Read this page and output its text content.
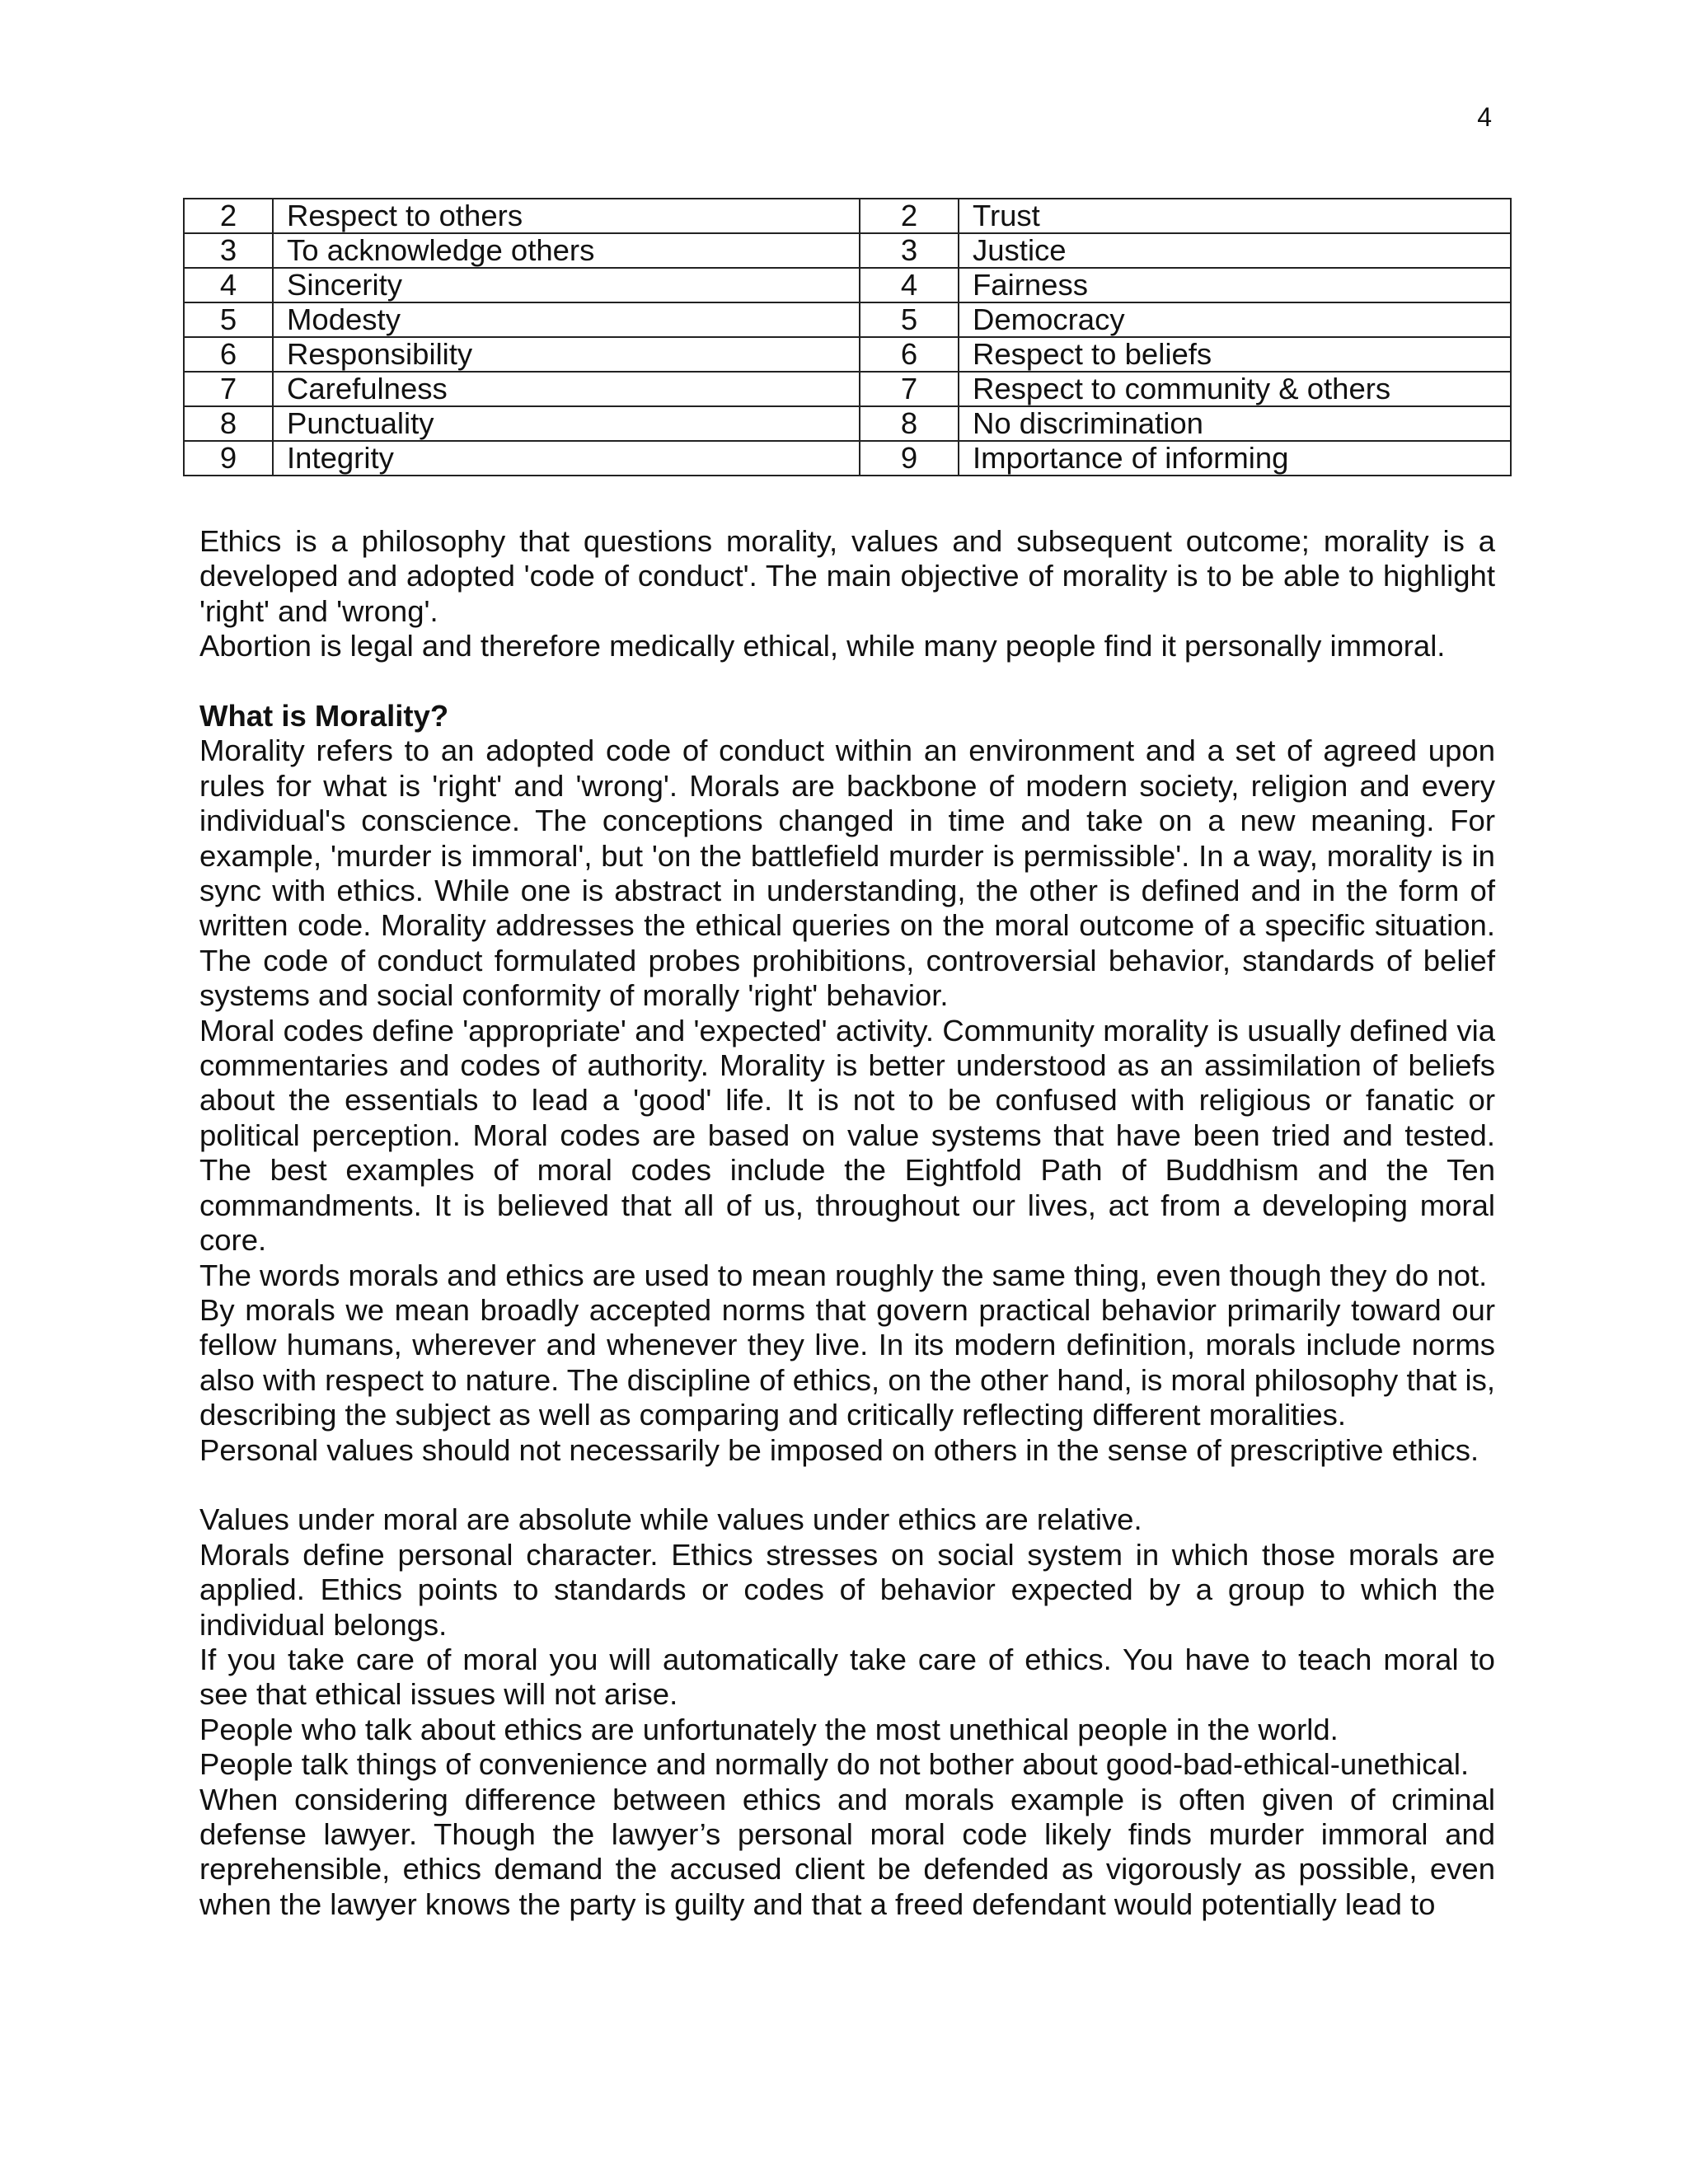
4
2	Respect to others	2	Trust
3	To acknowledge others	3	Justice
4	Sincerity	4	Fairness
5	Modesty	5	Democracy
6	Responsibility	6	Respect to beliefs
7	Carefulness	7	Respect to community & others
8	Punctuality	8	No discrimination
9	Integrity	9	Importance of informing

Ethics is a philosophy that questions morality, values and subsequent outcome; morality is a developed and adopted 'code of conduct'. The main objective of morality is to be able to highlight 'right' and 'wrong'.

Abortion is legal and therefore medically ethical, while many people find it personally immoral.

What is Morality?

Morality refers to an adopted code of conduct within an environment and a set of agreed upon rules for what is 'right' and 'wrong'. Morals are backbone of modern society, religion and every individual's conscience. The conceptions changed in time and take on a new meaning. For example, 'murder is immoral', but 'on the battlefield murder is permissible'. In a way, morality is in sync with ethics. While one is abstract in understanding, the other is defined and in the form of written code. Morality addresses the ethical queries on the moral outcome of a specific situation. The code of conduct formulated probes prohibitions, controversial behavior, standards of belief systems and social conformity of morally 'right' behavior.

Moral codes define 'appropriate' and 'expected' activity. Community morality is usually defined via commentaries and codes of authority. Morality is better understood as an assimilation of beliefs about the essentials to lead a 'good' life. It is not to be confused with religious or fanatic or political perception. Moral codes are based on value systems that have been tried and tested. The best examples of moral codes include the Eightfold Path of Buddhism and the Ten commandments. It is believed that all of us, throughout our lives, act from a developing moral core.

The words morals and ethics are used to mean roughly the same thing, even though they do not.

By morals we mean broadly accepted norms that govern practical behavior primarily toward our fellow humans, wherever and whenever they live. In its modern definition, morals include norms also with respect to nature. The discipline of ethics, on the other hand, is moral philosophy that is, describing the subject as well as comparing and critically reflecting different moralities.

Personal values should not necessarily be imposed on others in the sense of prescriptive ethics.

Values under moral are absolute while values under ethics are relative.

Morals define personal character. Ethics stresses on social system in which those morals are applied. Ethics points to standards or codes of behavior expected by a group to which the individual belongs.

If you take care of moral you will automatically take care of ethics. You have to teach moral to see that ethical issues will not arise.

People who talk about ethics are unfortunately the most unethical people in the world.

People talk things of convenience and normally do not bother about good-bad-ethical-unethical.

When considering difference between ethics and morals example is often given of criminal defense lawyer. Though the lawyer’s personal moral code likely finds murder immoral and reprehensible, ethics demand the accused client be defended as vigorously as possible, even when the lawyer knows the party is guilty and that a freed defendant would potentially lead to
